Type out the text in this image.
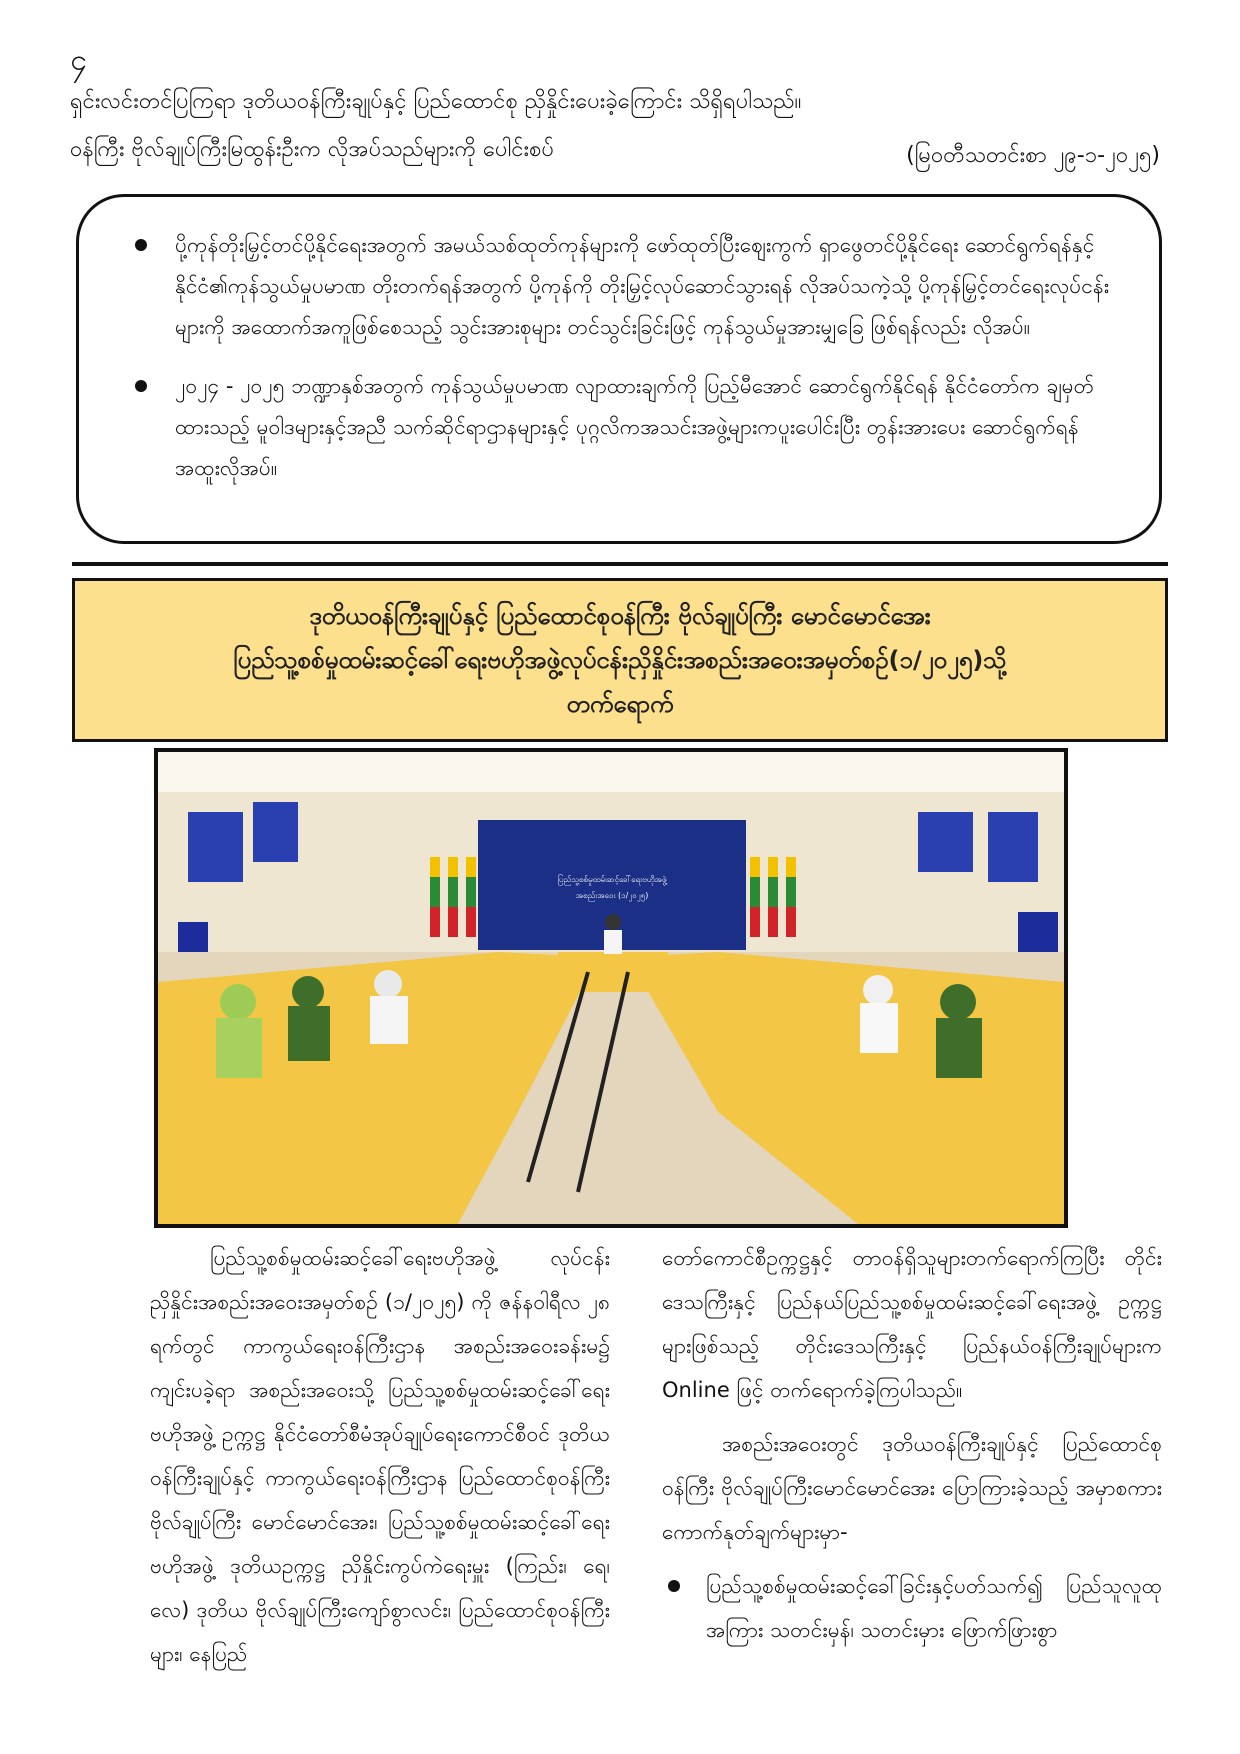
၄
ရှင်းလင်းတင်ပြကြရာ ဒုတိယဝန်ကြီးချုပ်နှင့် ပြည်ထောင်စု ညှိနှိုင်းပေးခဲ့ကြောင်း သိရှိရပါသည်။
ဝန်ကြီး ဗိုလ်ချုပ်ကြီးမြထွန်းဦးက လိုအပ်သည်များကို ပေါင်းစပ်	(မြဝတီသတင်းစာ ၂၉-၁-၂၀၂၅)
ပို့ကုန်တိုးမြှင့်တင်ပို့နိုင်ရေးအတွက် အမယ်သစ်ထုတ်ကုန်များကို ဖော်ထုတ်ပြီးဈေးကွက် ရှာဖွေတင်ပို့နိုင်ရေး ဆောင်ရွက်ရန်နှင့် နိုင်ငံ၏ကုန်သွယ်မှုပမာဏ တိုးတက်ရန်အတွက် ပို့ကုန်ကို တိုးမြှင့်လုပ်ဆောင်သွားရန် လိုအပ်သကဲ့သို့ ပို့ကုန်မြှင့်တင်ရေးလုပ်ငန်းများကို အထောက်အကူဖြစ်စေသည့် သွင်းအားစုများ တင်သွင်းခြင်းဖြင့် ကုန်သွယ်မှုအားမျှခြေ ဖြစ်ရန်လည်း လိုအပ်။
၂၀၂၄ - ၂၀၂၅ ဘဏ္ဍာနှစ်အတွက် ကုန်သွယ်မှုပမာဏ လျာထားချက်ကို ပြည့်မီအောင် ဆောင်ရွက်နိုင်ရန် နိုင်ငံတော်က ချမှတ်ထားသည့် မူဝါဒများနှင့်အညီ သက်ဆိုင်ရာဌာနများနှင့် ပုဂ္ဂလိကအသင်းအဖွဲ့များကပူးပေါင်းပြီး တွန်းအားပေး ဆောင်ရွက်ရန် အထူးလိုအပ်။
ဒုတိယဝန်ကြီးချုပ်နှင့် ပြည်ထောင်စုဝန်ကြီး ဗိုလ်ချုပ်ကြီး မောင်မောင်အေး
ပြည်သူ့စစ်မှုထမ်းဆင့်ခေါ်ရေးဗဟိုအဖွဲ့လုပ်ငန်းညှိနှိုင်းအစည်းအဝေးအမှတ်စဉ်(၁/၂၀၂၅)သို့
တက်ရောက်
ပြည်သူ့စစ်မှုထမ်းဆင့်ခေါ်ရေးဗဟိုအဖွဲ့
အစည်းအဝေး (၁/၂၀၂၅)

ပြည်သူ့စစ်မှုထမ်းဆင့်ခေါ်ရေးဗဟိုအဖွဲ့ လုပ်ငန်းညှိနှိုင်းအစည်းအဝေးအမှတ်စဉ် (၁/၂၀၂၅) ကို ဇန်နဝါရီလ ၂၈ ရက်တွင် ကာကွယ်ရေးဝန်ကြီးဌာန အစည်းအဝေးခန်းမ၌ ကျင်းပခဲ့ရာ အစည်းအဝေးသို့ ပြည်သူ့စစ်မှုထမ်းဆင့်ခေါ်ရေးဗဟိုအဖွဲ့ ဥက္ကဋ္ဌ နိုင်ငံတော်စီမံအုပ်ချုပ်ရေးကောင်စီဝင် ဒုတိယဝန်ကြီးချုပ်နှင့် ကာကွယ်ရေးဝန်ကြီးဌာန ပြည်ထောင်စုဝန်ကြီး ဗိုလ်ချုပ်ကြီး မောင်မောင်အေး၊ ပြည်သူ့စစ်မှုထမ်းဆင့်ခေါ်ရေးဗဟိုအဖွဲ့ ဒုတိယဥက္ကဋ္ဌ ညှိနှိုင်းကွပ်ကဲရေးမှူး (ကြည်း၊ ရေ၊ လေ) ဒုတိယ ဗိုလ်ချုပ်ကြီးကျော်စွာလင်း၊ ပြည်ထောင်စုဝန်ကြီးများ၊ နေပြည်

တော်ကောင်စီဥက္ကဋ္ဌနှင့် တာဝန်ရှိသူများတက်ရောက်ကြပြီး တိုင်းဒေသကြီးနှင့် ပြည်နယ်ပြည်သူ့စစ်မှုထမ်းဆင့်ခေါ်ရေးအဖွဲ့ ဥက္ကဋ္ဌများဖြစ်သည့် တိုင်းဒေသကြီးနှင့် ပြည်နယ်ဝန်ကြီးချုပ်များက Online ဖြင့် တက်ရောက်ခဲ့ကြပါသည်။

အစည်းအဝေးတွင် ဒုတိယဝန်ကြီးချုပ်နှင့် ပြည်ထောင်စုဝန်ကြီး ဗိုလ်ချုပ်ကြီးမောင်မောင်အေး ပြောကြားခဲ့သည့် အမှာစကားကောက်နုတ်ချက်များမှာ-

ပြည်သူ့စစ်မှုထမ်းဆင့်ခေါ်ခြင်းနှင့်ပတ်သက်၍ ပြည်သူလူထုအကြား သတင်းမှန်၊ သတင်းမှား ဖြောက်ဖြားစွာ
